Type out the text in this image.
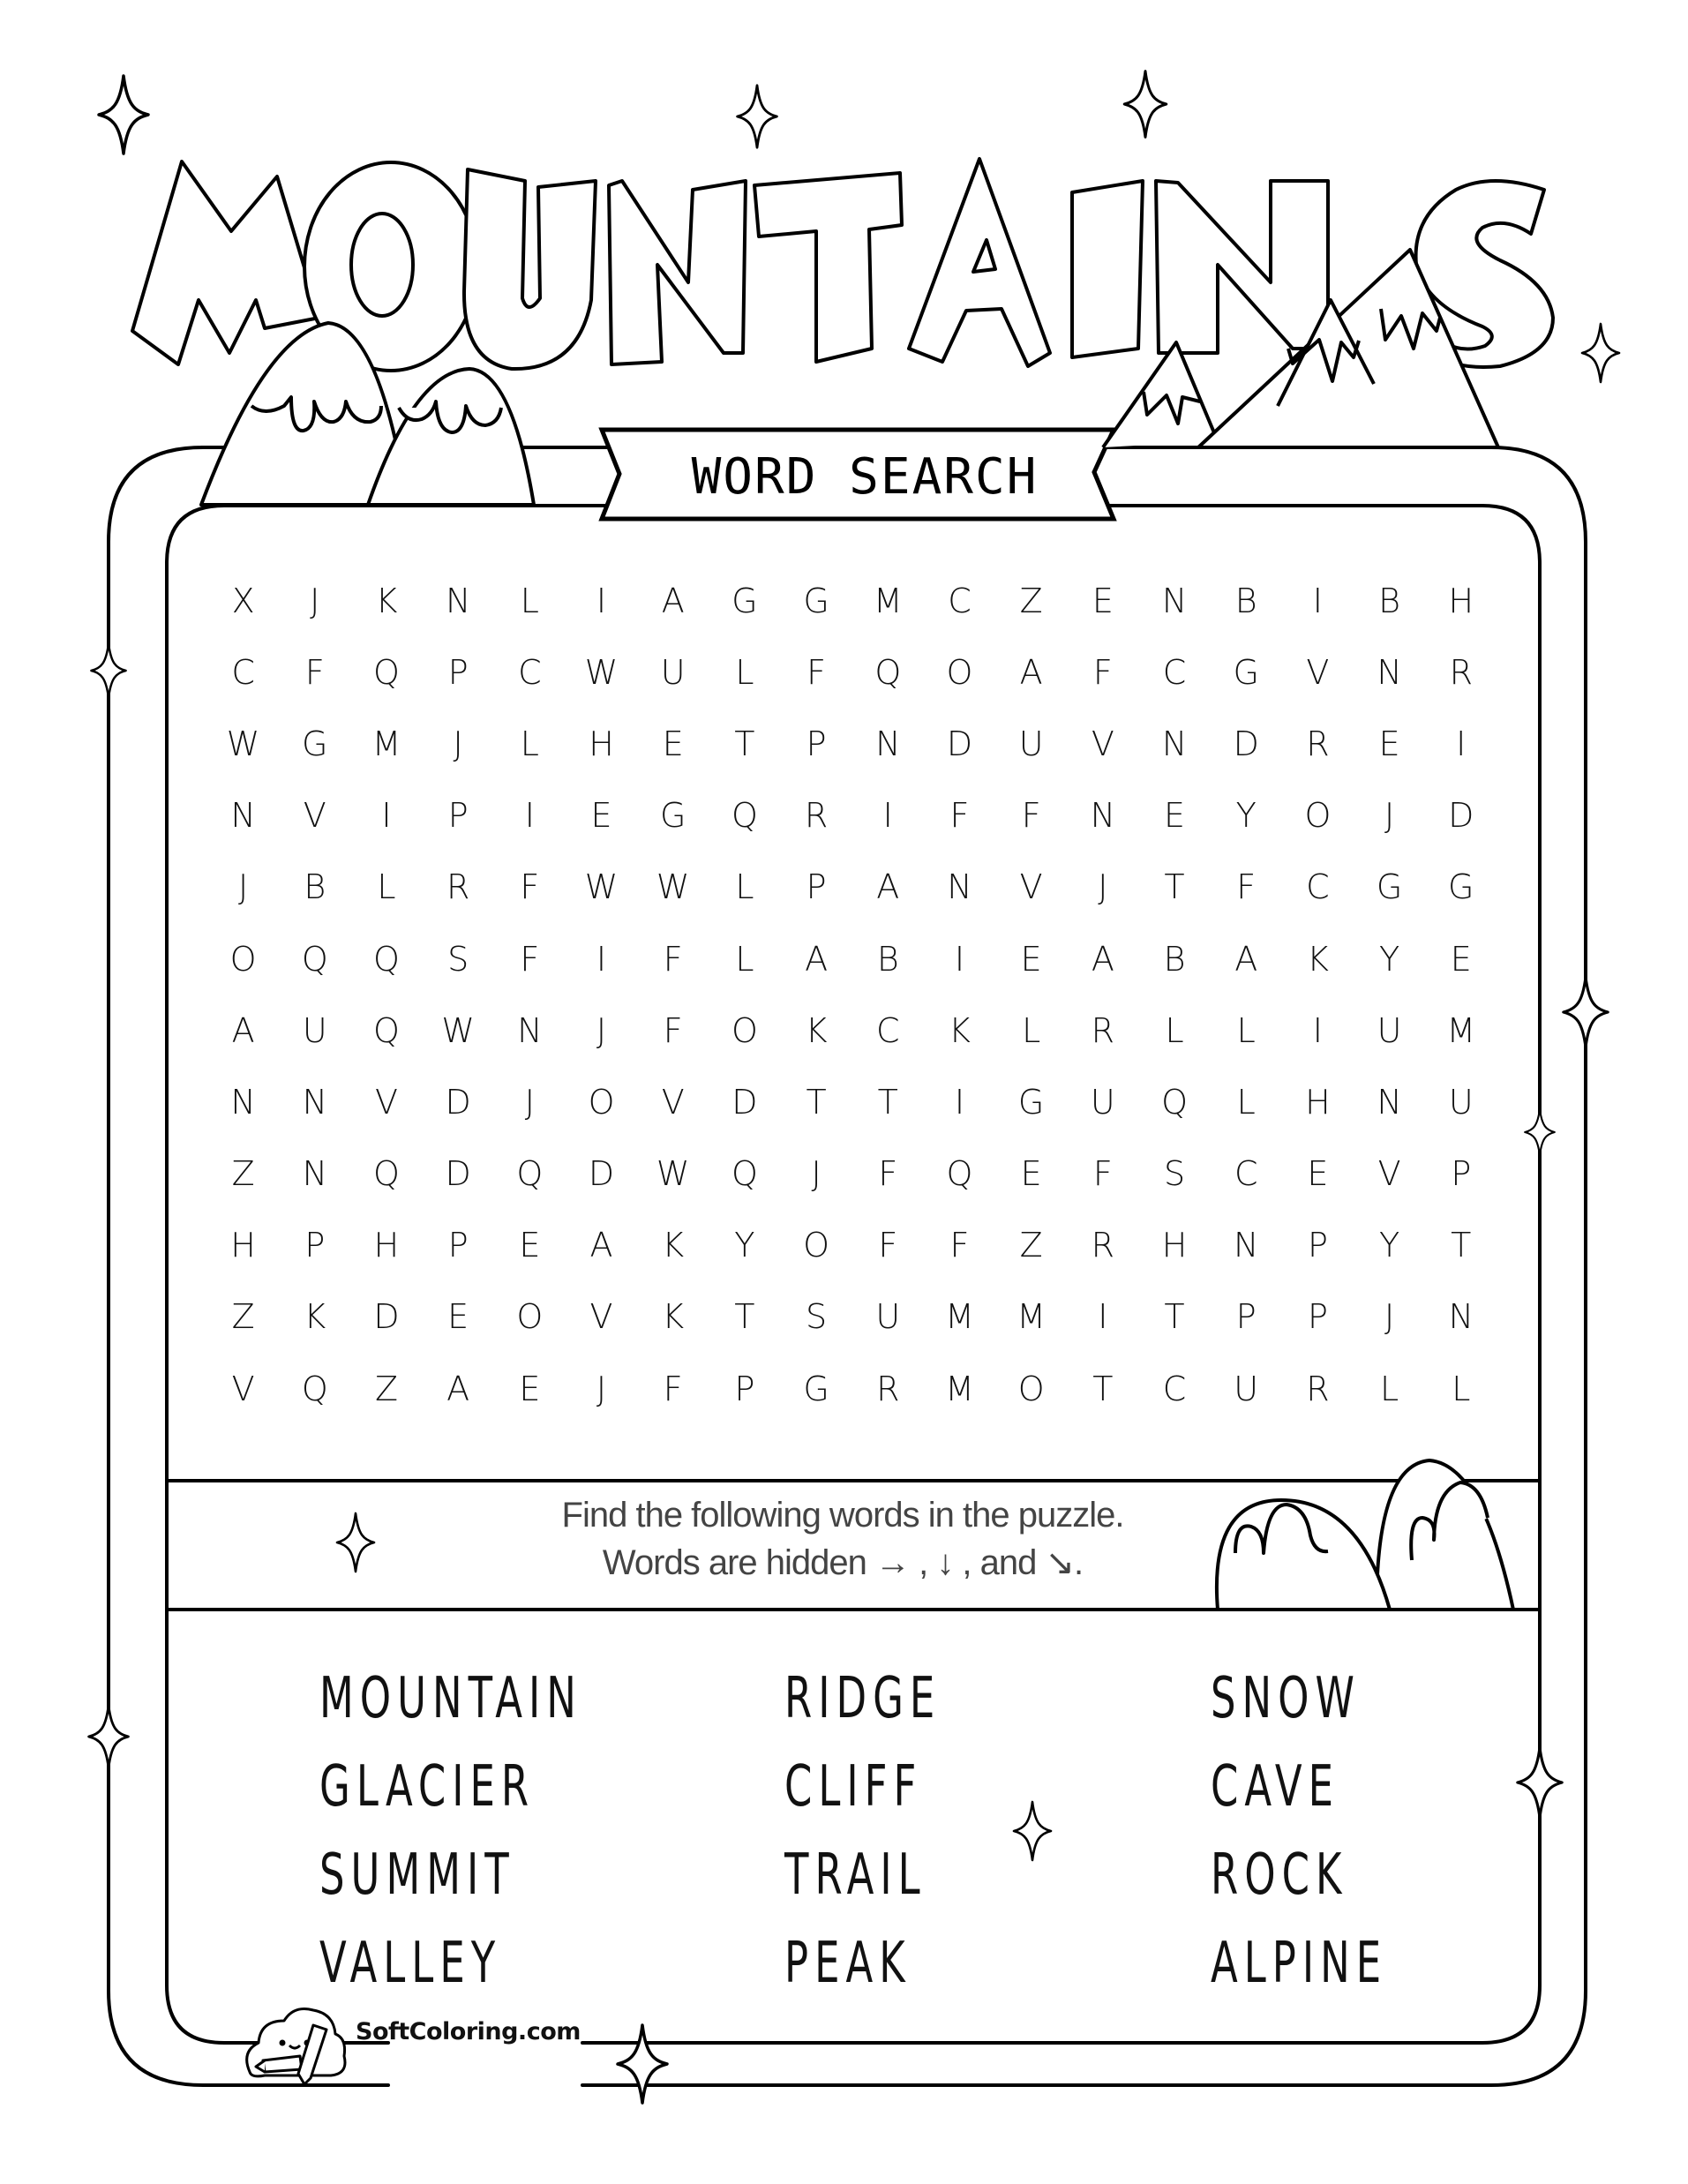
WORD SEARCH
X	J	K	N	L	I	A	G	G	M	C	Z	E	N	B	I	B	H
C	F	Q	P	C	W	U	L	F	Q	O	A	F	C	G	V	N	R
W	G	M	J	L	H	E	T	P	N	D	U	V	N	D	R	E	I
N	V	I	P	I	E	G	Q	R	I	F	F	N	E	Y	O	J	D
J	B	L	R	F	W	W	L	P	A	N	V	J	T	F	C	G	G
O	Q	Q	S	F	I	F	L	A	B	I	E	A	B	A	K	Y	E
A	U	Q	W	N	J	F	O	K	C	K	L	R	L	L	I	U	M
N	N	V	D	J	O	V	D	T	T	I	G	U	Q	L	H	N	U
Z	N	Q	D	Q	D	W	Q	J	F	Q	E	F	S	C	E	V	P
H	P	H	P	E	A	K	Y	O	F	F	Z	R	H	N	P	Y	T
Z	K	D	E	O	V	K	T	S	U	M	M	I	T	P	P	J	N
V	Q	Z	A	E	J	F	P	G	R	M	O	T	C	U	R	L	L
Find the following words in the puzzle.
Words are hidden → , ↓ , and ↘.
MOUNTAIN
GLACIER
SUMMIT
VALLEY
RIDGE
CLIFF
TRAIL
PEAK
SNOW
CAVE
ROCK
ALPINE
SoftColoring.com
